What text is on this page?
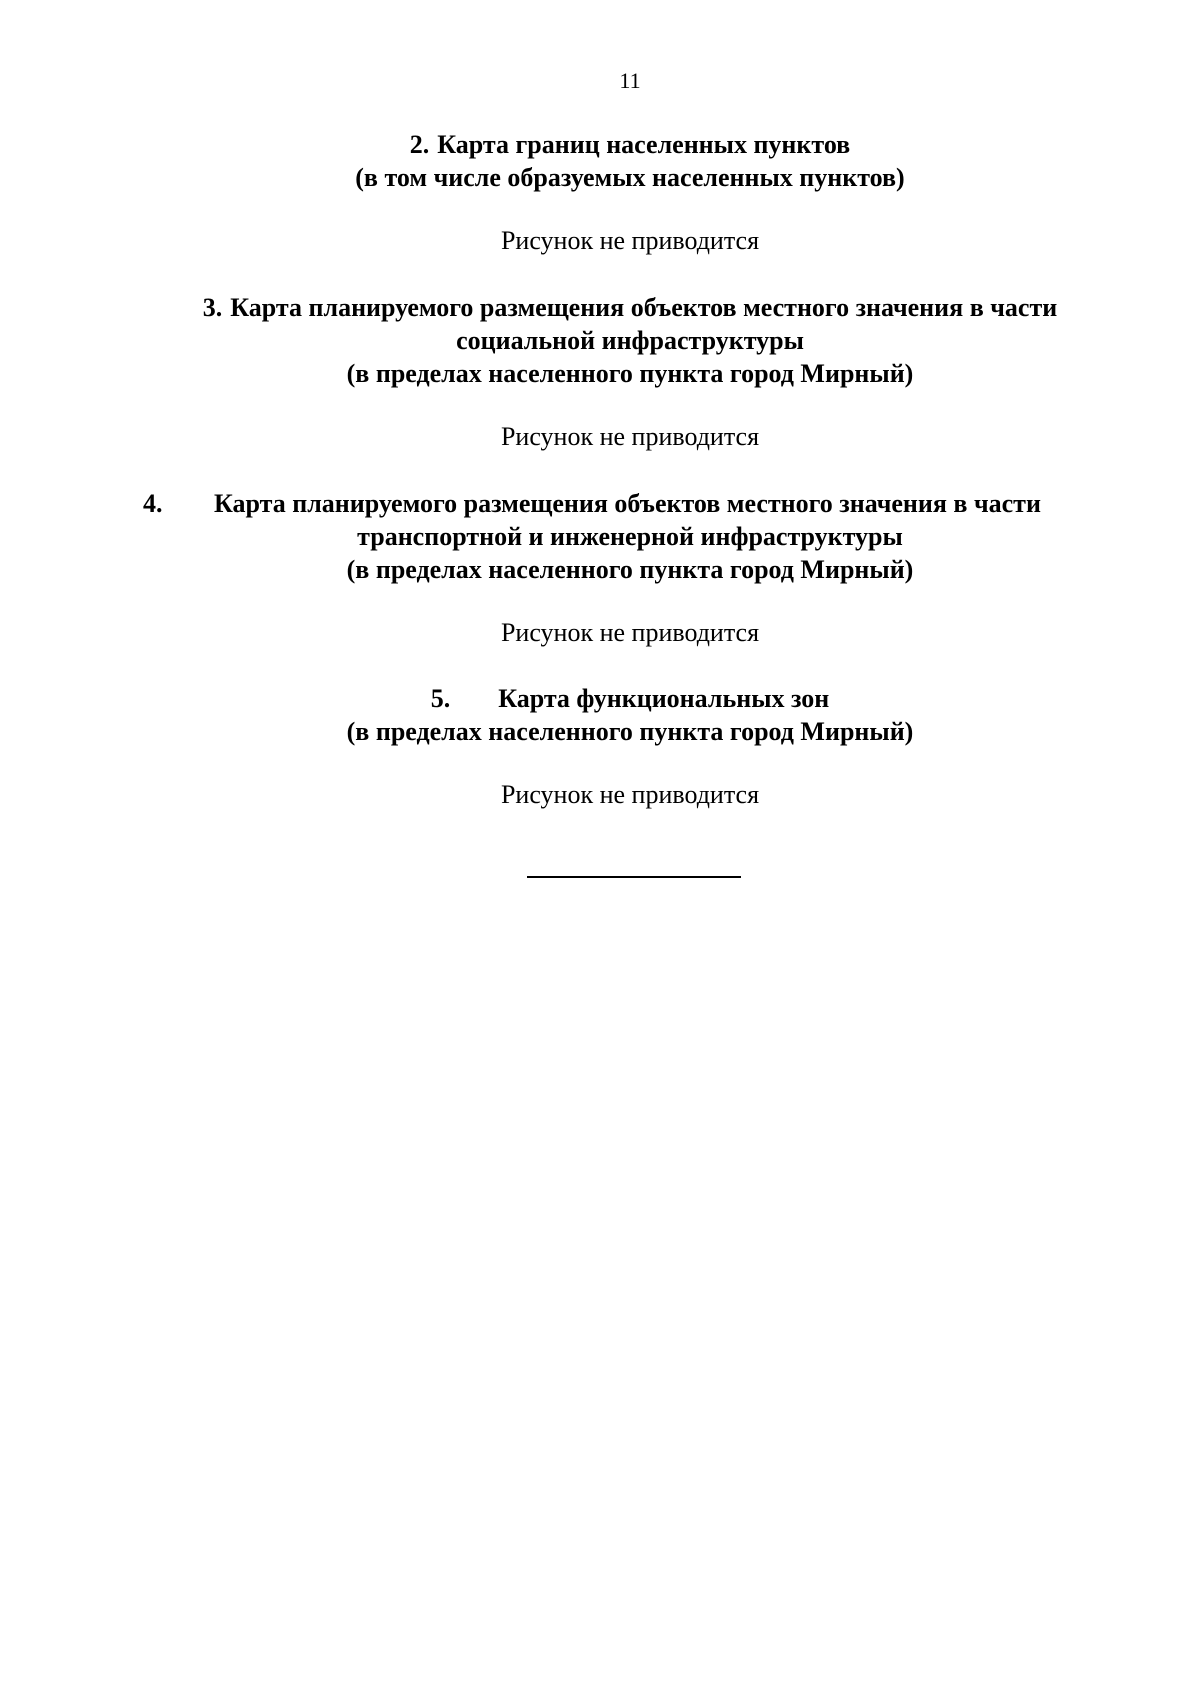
11
2. Карта границ населенных пунктов
(в том числе образуемых населенных пунктов)
Рисунок не приводится
3. Карта планируемого размещения объектов местного значения в части
социальной инфраструктуры
(в пределах населенного пункта город Мирный)
Рисунок не приводится
4. Карта планируемого размещения объектов местного значения в части
транспортной и инженерной инфраструктуры
(в пределах населенного пункта город Мирный)
Рисунок не приводится
5. Карта функциональных зон
(в пределах населенного пункта город Мирный)
Рисунок не приводится
